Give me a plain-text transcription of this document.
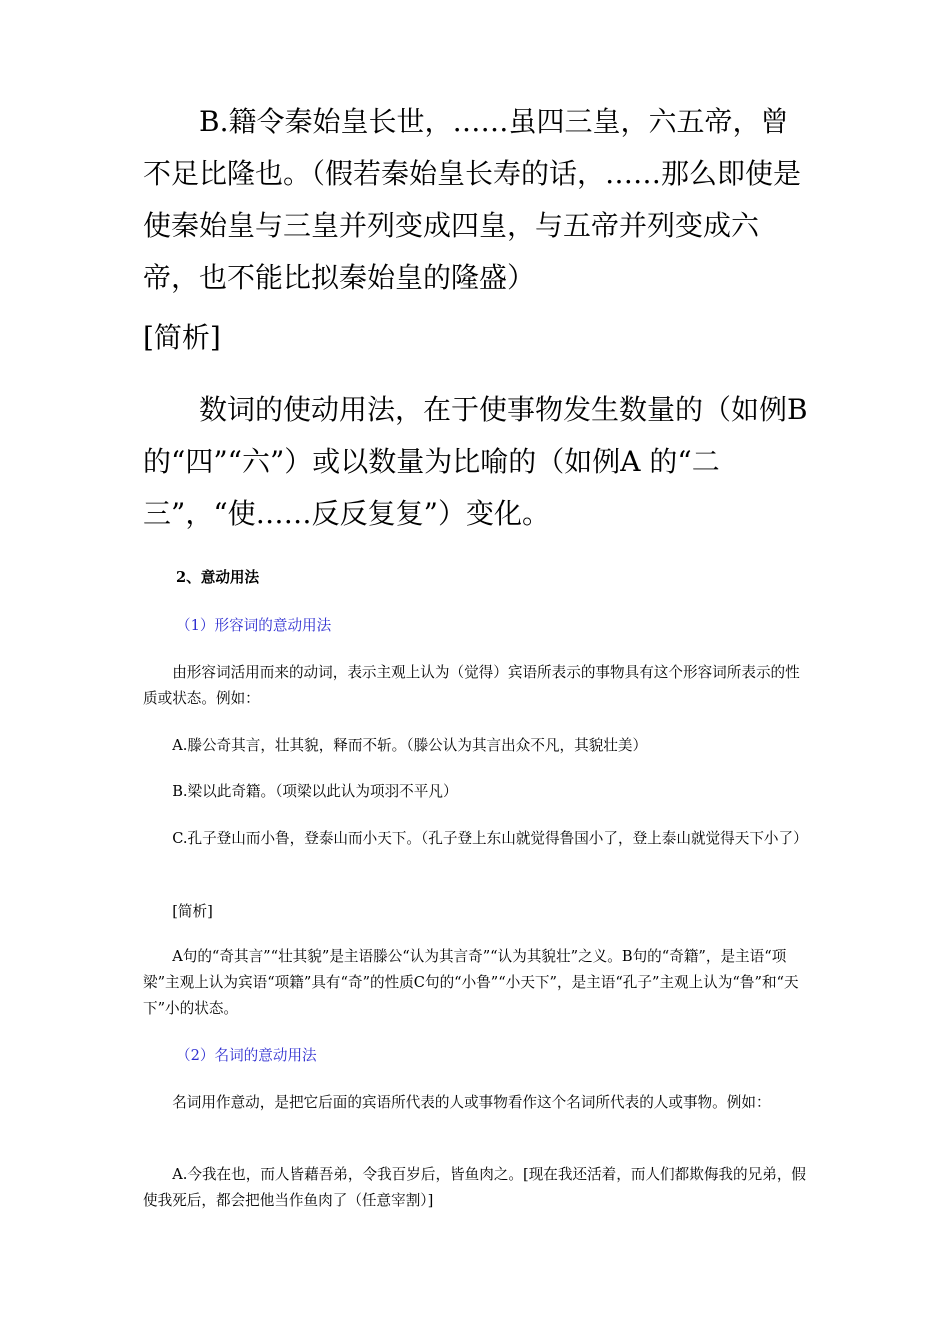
B.籍令秦始皇长世，……虽四三皇，六五帝，曾不足比隆也。（假若秦始皇长寿的话，……那么即使是使秦始皇与三皇并列变成四皇，与五帝并列变成六帝，也不能比拟秦始皇的隆盛）

[简析]

数词的使动用法，在于使事物发生数量的（如例B 的“四”“六”）或以数量为比喻的（如例A 的“二三”，“使……反反复复”）变化。

2、意动用法

（1）形容词的意动用法

由形容词活用而来的动词，表示主观上认为（觉得）宾语所表示的事物具有这个形容词所表示的性质或状态。例如：

A.滕公奇其言，壮其貌，释而不斩。（滕公认为其言出众不凡，其貌壮美）

B.梁以此奇籍。（项梁以此认为项羽不平凡）

C.孔子登山而小鲁，登泰山而小天下。（孔子登上东山就觉得鲁国小了，登上泰山就觉得天下小了）

[简析]

A句的“奇其言”“壮其貌”是主语滕公“认为其言奇”“认为其貌壮”之义。B句的“奇籍”，是主语“项梁”主观上认为宾语“项籍”具有“奇”的性质C句的“小鲁”“小天下”，是主语“孔子”主观上认为“鲁”和“天下”小的状态。

（2）名词的意动用法

名词用作意动，是把它后面的宾语所代表的人或事物看作这个名词所代表的人或事物。例如：

A.今我在也，而人皆藉吾弟，令我百岁后，皆鱼肉之。[现在我还活着，而人们都欺侮我的兄弟，假使我死后，都会把他当作鱼肉了（任意宰割）]
